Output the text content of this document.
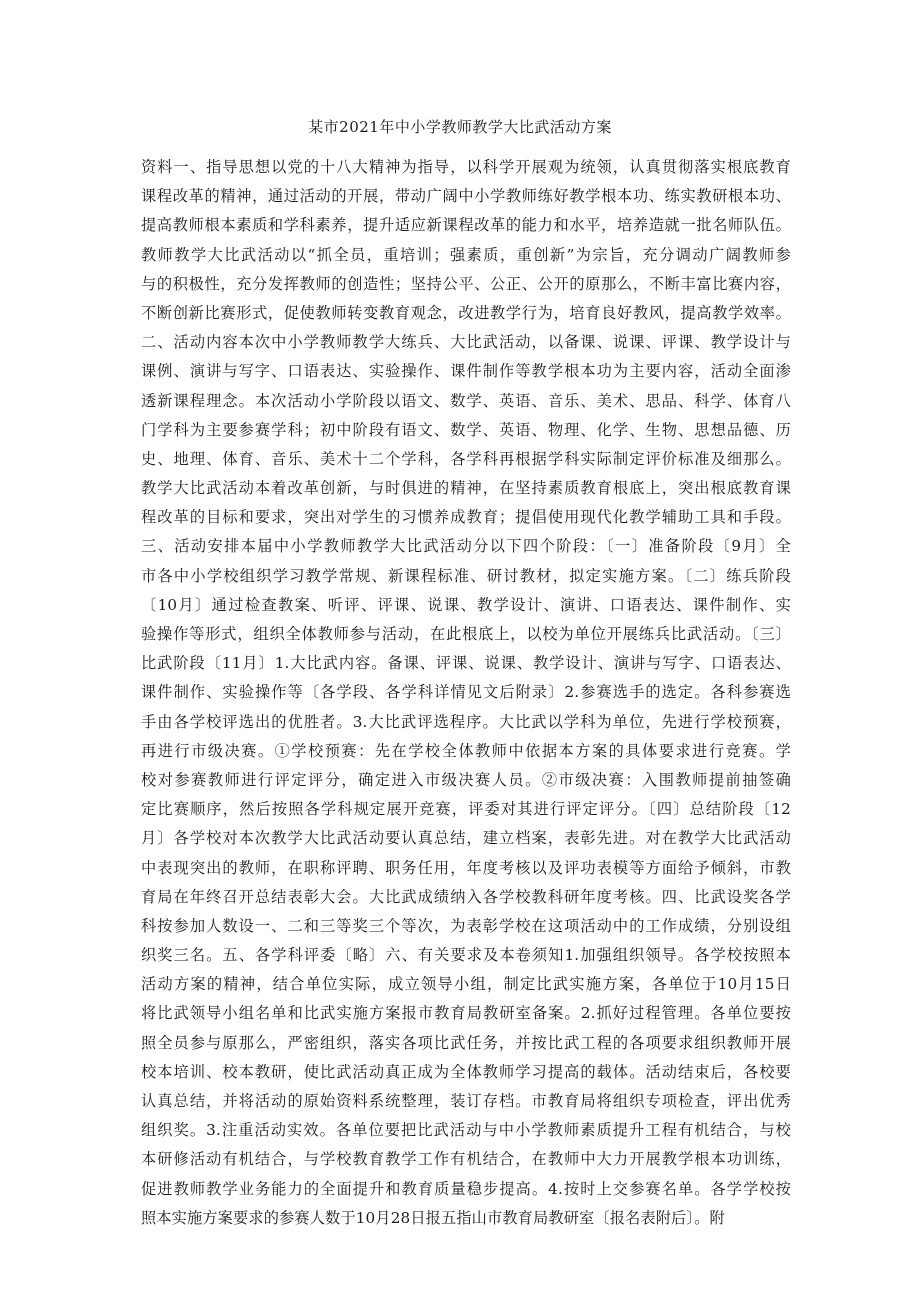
某市2021年中小学教师教学大比武活动方案
资料一、指导思想以党的十八大精神为指导，以科学开展观为统领，认真贯彻落实根底教育
课程改革的精神，通过活动的开展，带动广阔中小学教师练好教学根本功、练实教研根本功、
提高教师根本素质和学科素养，提升适应新课程改革的能力和水平，培养造就一批名师队伍。
教师教学大比武活动以“抓全员，重培训；强素质，重创新”为宗旨，充分调动广阔教师参
与的积极性，充分发挥教师的创造性；坚持公平、公正、公开的原那么，不断丰富比赛内容，
不断创新比赛形式，促使教师转变教育观念，改进教学行为，培育良好教风，提高教学效率。
二、活动内容本次中小学教师教学大练兵、大比武活动，以备课、说课、评课、教学设计与
课例、演讲与写字、口语表达、实验操作、课件制作等教学根本功为主要内容，活动全面渗
透新课程理念。本次活动小学阶段以语文、数学、英语、音乐、美术、思品、科学、体育八
门学科为主要参赛学科；初中阶段有语文、数学、英语、物理、化学、生物、思想品德、历
史、地理、体育、音乐、美术十二个学科，各学科再根据学科实际制定评价标准及细那么。
教学大比武活动本着改革创新，与时俱进的精神，在坚持素质教育根底上，突出根底教育课
程改革的目标和要求，突出对学生的习惯养成教育；提倡使用现代化教学辅助工具和手段。
三、活动安排本届中小学教师教学大比武活动分以下四个阶段：〔一〕准备阶段〔9月〕全
市各中小学校组织学习教学常规、新课程标准、研讨教材，拟定实施方案。〔二〕练兵阶段
〔10月〕通过检查教案、听评、评课、说课、教学设计、演讲、口语表达、课件制作、实
验操作等形式，组织全体教师参与活动，在此根底上，以校为单位开展练兵比武活动。〔三〕
比武阶段〔11月〕1.大比武内容。备课、评课、说课、教学设计、演讲与写字、口语表达、
课件制作、实验操作等〔各学段、各学科详情见文后附录〕2.参赛选手的选定。各科参赛选
手由各学校评选出的优胜者。3.大比武评选程序。大比武以学科为单位，先进行学校预赛，
再进行市级决赛。①学校预赛：先在学校全体教师中依据本方案的具体要求进行竞赛。学
校对参赛教师进行评定评分，确定进入市级决赛人员。②市级决赛：入围教师提前抽签确
定比赛顺序，然后按照各学科规定展开竞赛，评委对其进行评定评分。〔四〕总结阶段〔12
月〕各学校对本次教学大比武活动要认真总结，建立档案，表彰先进。对在教学大比武活动
中表现突出的教师，在职称评聘、职务任用，年度考核以及评功表模等方面给予倾斜，市教
育局在年终召开总结表彰大会。大比武成绩纳入各学校教科研年度考核。四、比武设奖各学
科按参加人数设一、二和三等奖三个等次，为表彰学校在这项活动中的工作成绩，分别设组
织奖三名。五、各学科评委〔略〕六、有关要求及本卷须知1.加强组织领导。各学校按照本
活动方案的精神，结合单位实际，成立领导小组，制定比武实施方案，各单位于10月15日
将比武领导小组名单和比武实施方案报市教育局教研室备案。2.抓好过程管理。各单位要按
照全员参与原那么，严密组织，落实各项比武任务，并按比武工程的各项要求组织教师开展
校本培训、校本教研，使比武活动真正成为全体教师学习提高的载体。活动结束后，各校要
认真总结，并将活动的原始资料系统整理，装订存档。市教育局将组织专项检查，评出优秀
组织奖。3.注重活动实效。各单位要把比武活动与中小学教师素质提升工程有机结合，与校
本研修活动有机结合，与学校教育教学工作有机结合，在教师中大力开展教学根本功训练，
促进教师教学业务能力的全面提升和教育质量稳步提高。4.按时上交参赛名单。各学学校按
照本实施方案要求的参赛人数于10月28日报五指山市教育局教研室〔报名表附后〕。附
